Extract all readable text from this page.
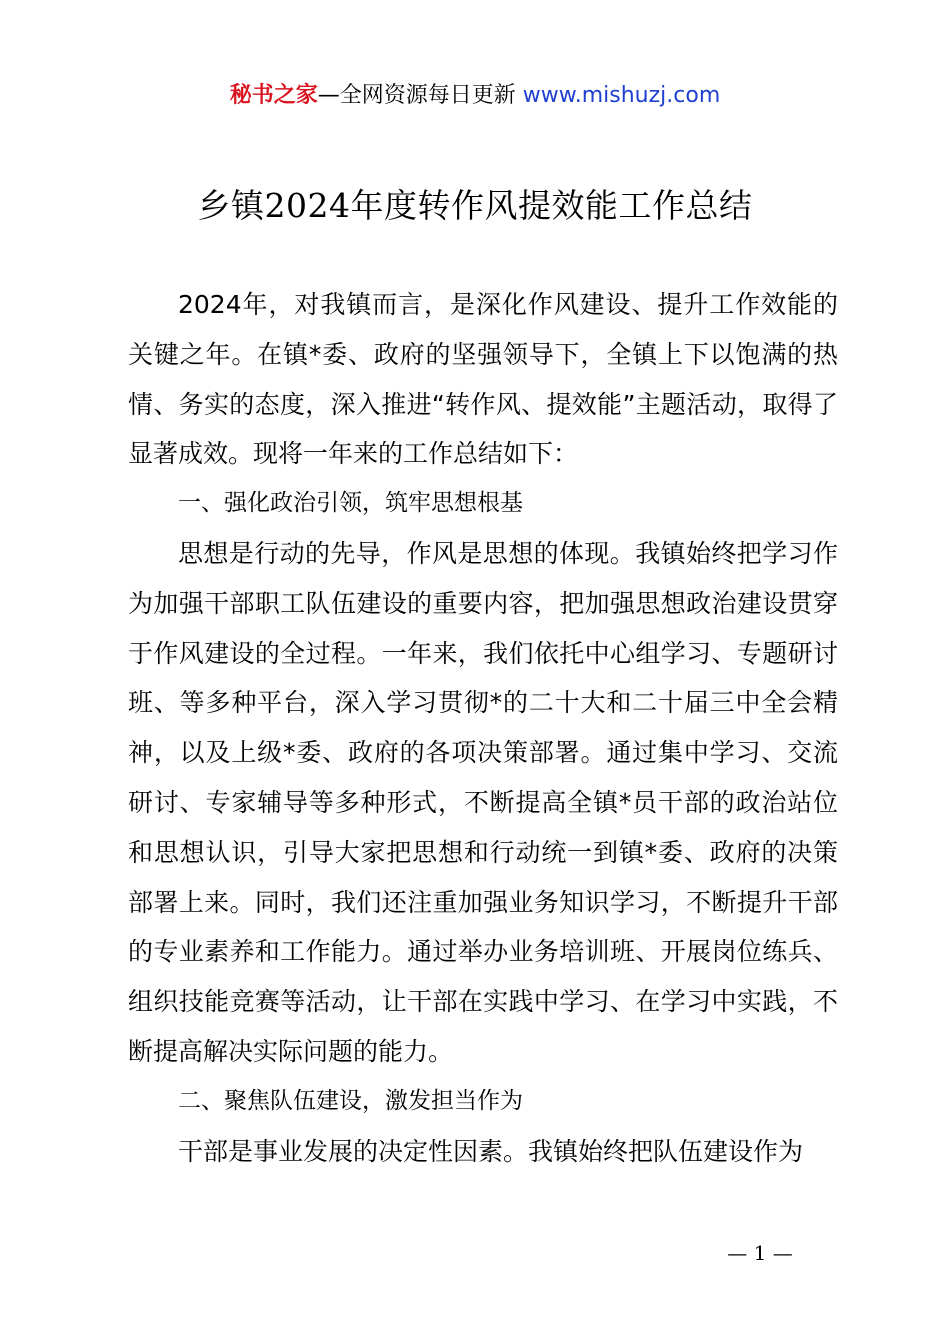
秘书之家—全网资源每日更新 www.mishuzj.com
乡镇2024年度转作风提效能工作总结

2024年，对我镇而言，是深化作风建设、提升工作效能的关键之年。在镇*委、政府的坚强领导下，全镇上下以饱满的热情、务实的态度，深入推进“转作风、提效能”主题活动，取得了显著成效。现将一年来的工作总结如下：

一、强化政治引领，筑牢思想根基

思想是行动的先导，作风是思想的体现。我镇始终把学习作为加强干部职工队伍建设的重要内容，把加强思想政治建设贯穿于作风建设的全过程。一年来，我们依托中心组学习、专题研讨班、等多种平台，深入学习贯彻*的二十大和二十届三中全会精神，以及上级*委、政府的各项决策部署。通过集中学习、交流研讨、专家辅导等多种形式，不断提高全镇*员干部的政治站位和思想认识，引导大家把思想和行动统一到镇*委、政府的决策部署上来。同时，我们还注重加强业务知识学习，不断提升干部的专业素养和工作能力。通过举办业务培训班、开展岗位练兵、组织技能竞赛等活动，让干部在实践中学习、在学习中实践，不断提高解决实际问题的能力。

二、聚焦队伍建设，激发担当作为

干部是事业发展的决定性因素。我镇始终把队伍建设作为

— 1 —
